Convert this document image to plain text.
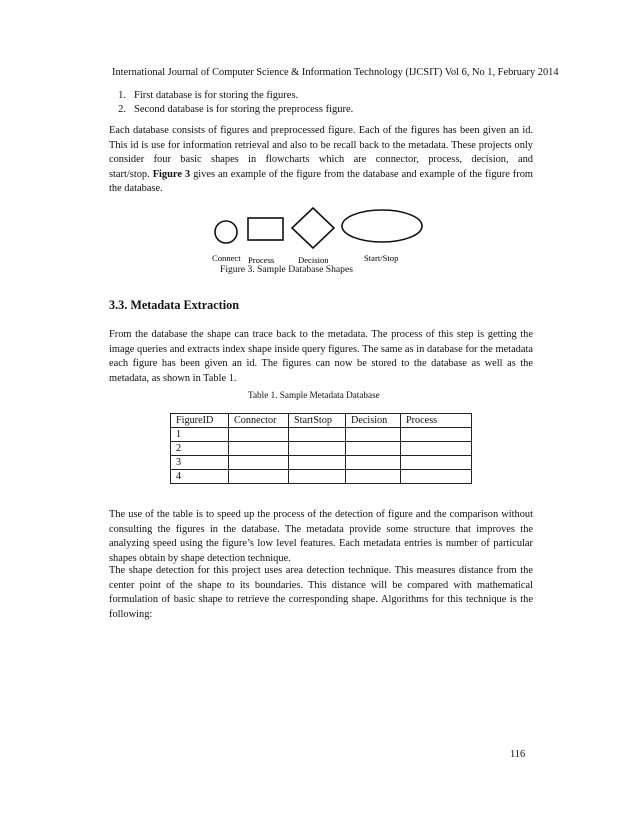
International Journal of Computer Science & Information Technology (IJCSIT) Vol 6, No 1, February 2014
1. First database is for storing the figures.
2. Second database is for storing the preprocess figure.

Each database consists of figures and preprocessed figure. Each of the figures has been given an id. This id is use for information retrieval and also to be recall back to the metadata. These projects only consider four basic shapes in flowcharts which are connector, process, decision, and start/stop. Figure 3 gives an example of the figure from the database and example of the figure from the database.

Connect Process	Decision	Start/Stop
Figure 3. Sample Database Shapes
3.3. Metadata Extraction

From the database the shape can trace back to the metadata. The process of this step is getting the image queries and extracts index shape inside query figures. The same as in database for the metadata each figure has been given an id. The figures can now be stored to the database as well as the metadata, as shown in Table 1.

Table 1. Sample Metadata Database
FigureID	Connector	StartStop	Decision	Process
1				
2				
3				
4				

The use of the table is to speed up the process of the detection of figure and the comparison without consulting the figures in the database. The metadata provide some structure that improves the analyzing speed using the figure’s low level features. Each metadata entries is number of particular shapes obtain by shape detection technique.

The shape detection for this project uses area detection technique. This measures distance from the center point of the shape to its boundaries. This distance will be compared with mathematical formulation of basic shape to retrieve the corresponding shape. Algorithms for this technique is the following:

116
